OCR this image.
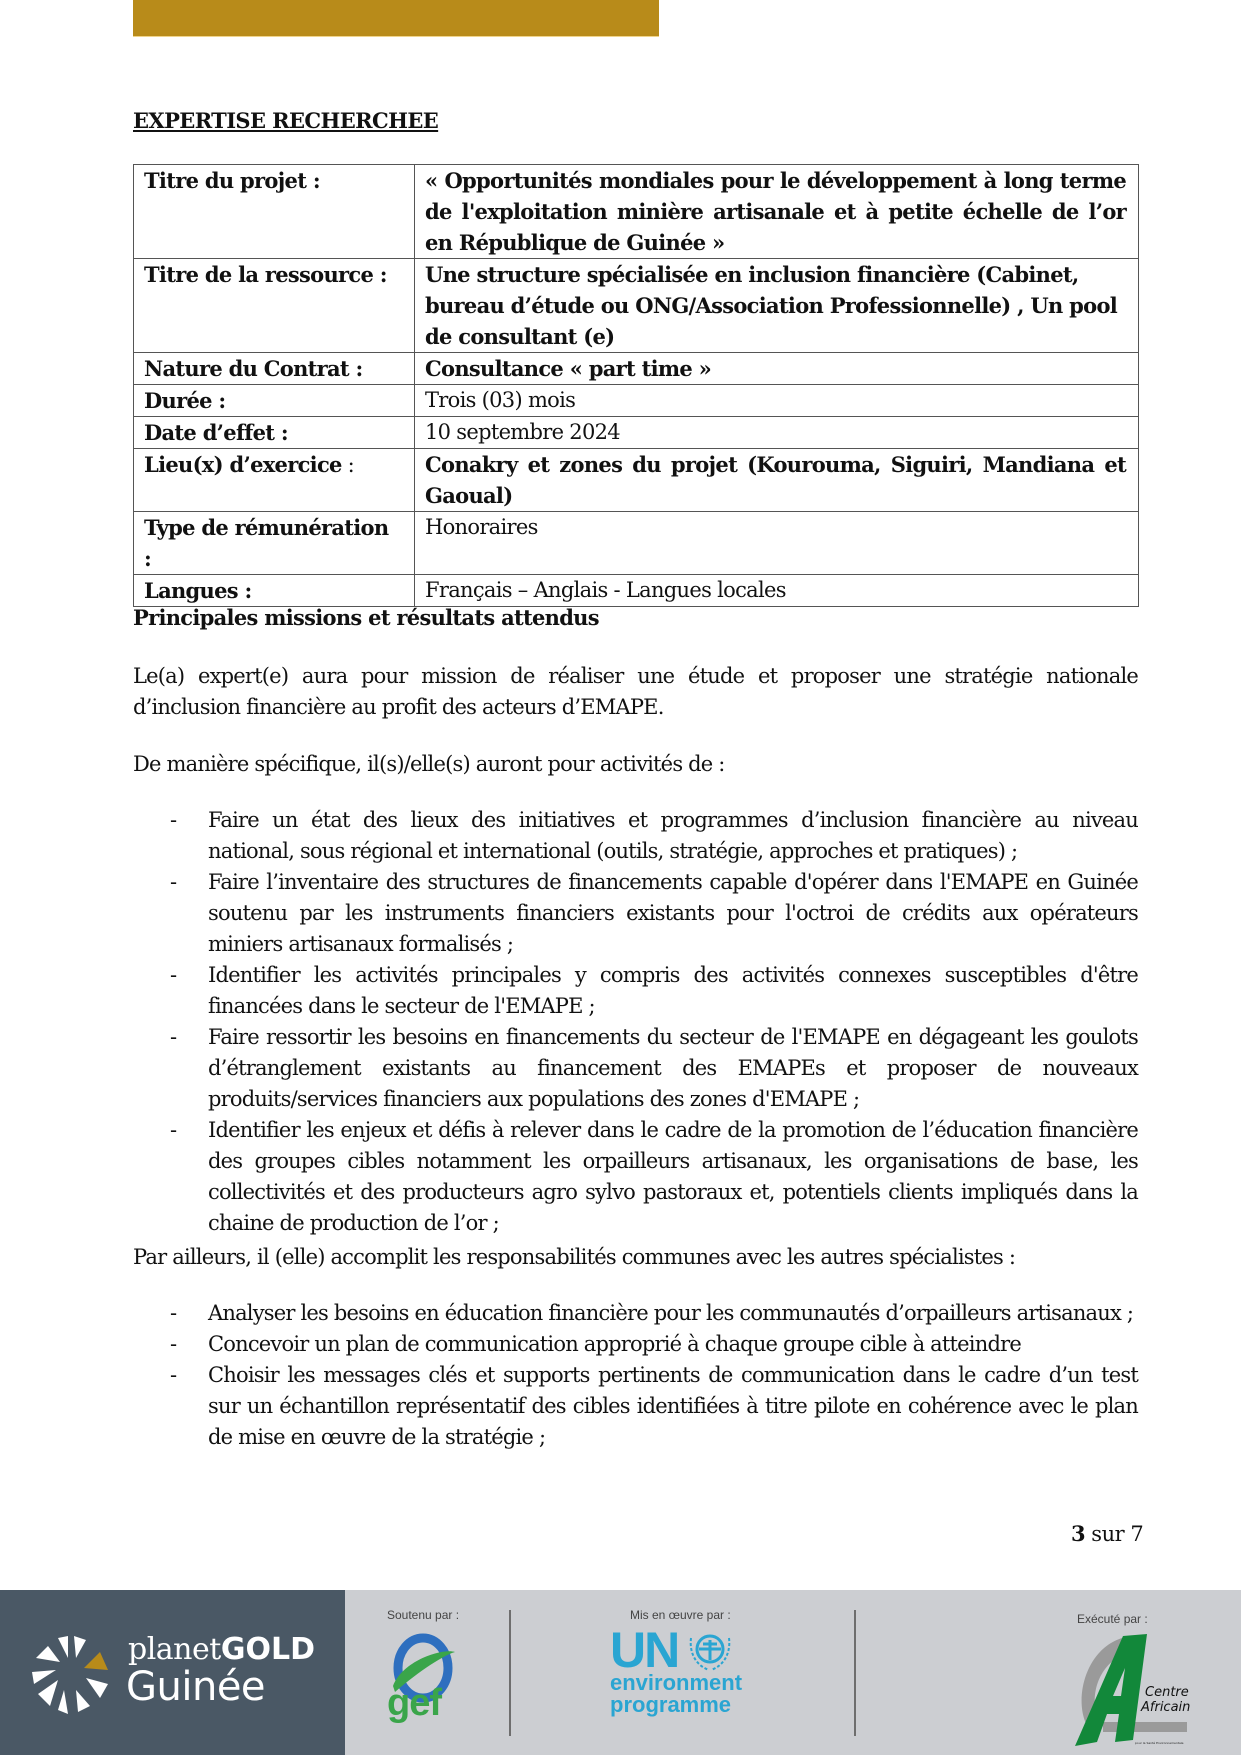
EXPERTISE RECHERCHEE
Titre du projet :	« Opportunités mondiales pour le développement à long terme de l'exploitation minière artisanale et à petite échelle de l’or en République de Guinée »
Titre de la ressource :	Une structure spécialisée en inclusion financière (Cabinet, bureau d’étude ou ONG/Association Professionnelle) , Un pool de consultant (e)
Nature du Contrat :	Consultance « part time »
Durée :	Trois (03) mois
Date d’effet :	10 septembre 2024
Lieu(x) d’exercice :	Conakry et zones du projet (Kourouma, Siguiri, Mandiana et Gaoual)
Type de rémunération :	Honoraires
Langues :	Français – Anglais - Langues locales
Principales missions et résultats attendus
Le(a) expert(e) aura pour mission de réaliser une étude et proposer une stratégie nationale d’inclusion financière au profit des acteurs d’EMAPE.
De manière spécifique, il(s)/elle(s) auront pour activités de :
- Faire un état des lieux des initiatives et programmes d’inclusion financière au niveau national, sous régional et international (outils, stratégie, approches et pratiques) ;
- Faire l’inventaire des structures de financements capable d'opérer dans l'EMAPE en Guinée soutenu par les instruments financiers existants pour l'octroi de crédits aux opérateurs miniers artisanaux formalisés ;
- Identifier les activités principales y compris des activités connexes susceptibles d'être financées dans le secteur de l'EMAPE ;
- Faire ressortir les besoins en financements du secteur de l'EMAPE en dégageant les goulots d’étranglement existants au financement des EMAPEs et proposer de nouveaux produits/services financiers aux populations des zones d'EMAPE ;
- Identifier les enjeux et défis à relever dans le cadre de la promotion de l’éducation financière des groupes cibles notamment les orpailleurs artisanaux, les organisations de base, les collectivités et des producteurs agro sylvo pastoraux et, potentiels clients impliqués dans la chaine de production de l’or ;
Par ailleurs, il (elle) accomplit les responsabilités communes avec les autres spécialistes :
- Analyser les besoins en éducation financière pour les communautés d’orpailleurs artisanaux ;
- Concevoir un plan de communication approprié à chaque groupe cible à atteindre
- Choisir les messages clés et supports pertinents de communication dans le cadre d’un test sur un échantillon représentatif des cibles identifiées à titre pilote en cohérence avec le plan de mise en œuvre de la stratégie ;
3 sur 7
planetGOLD
Guinée
Soutenu par :
gef
Mis en œuvre par :
UN
environment
programme
Exécuté par :
Centre
Africain
pour la Santé Environnementale
